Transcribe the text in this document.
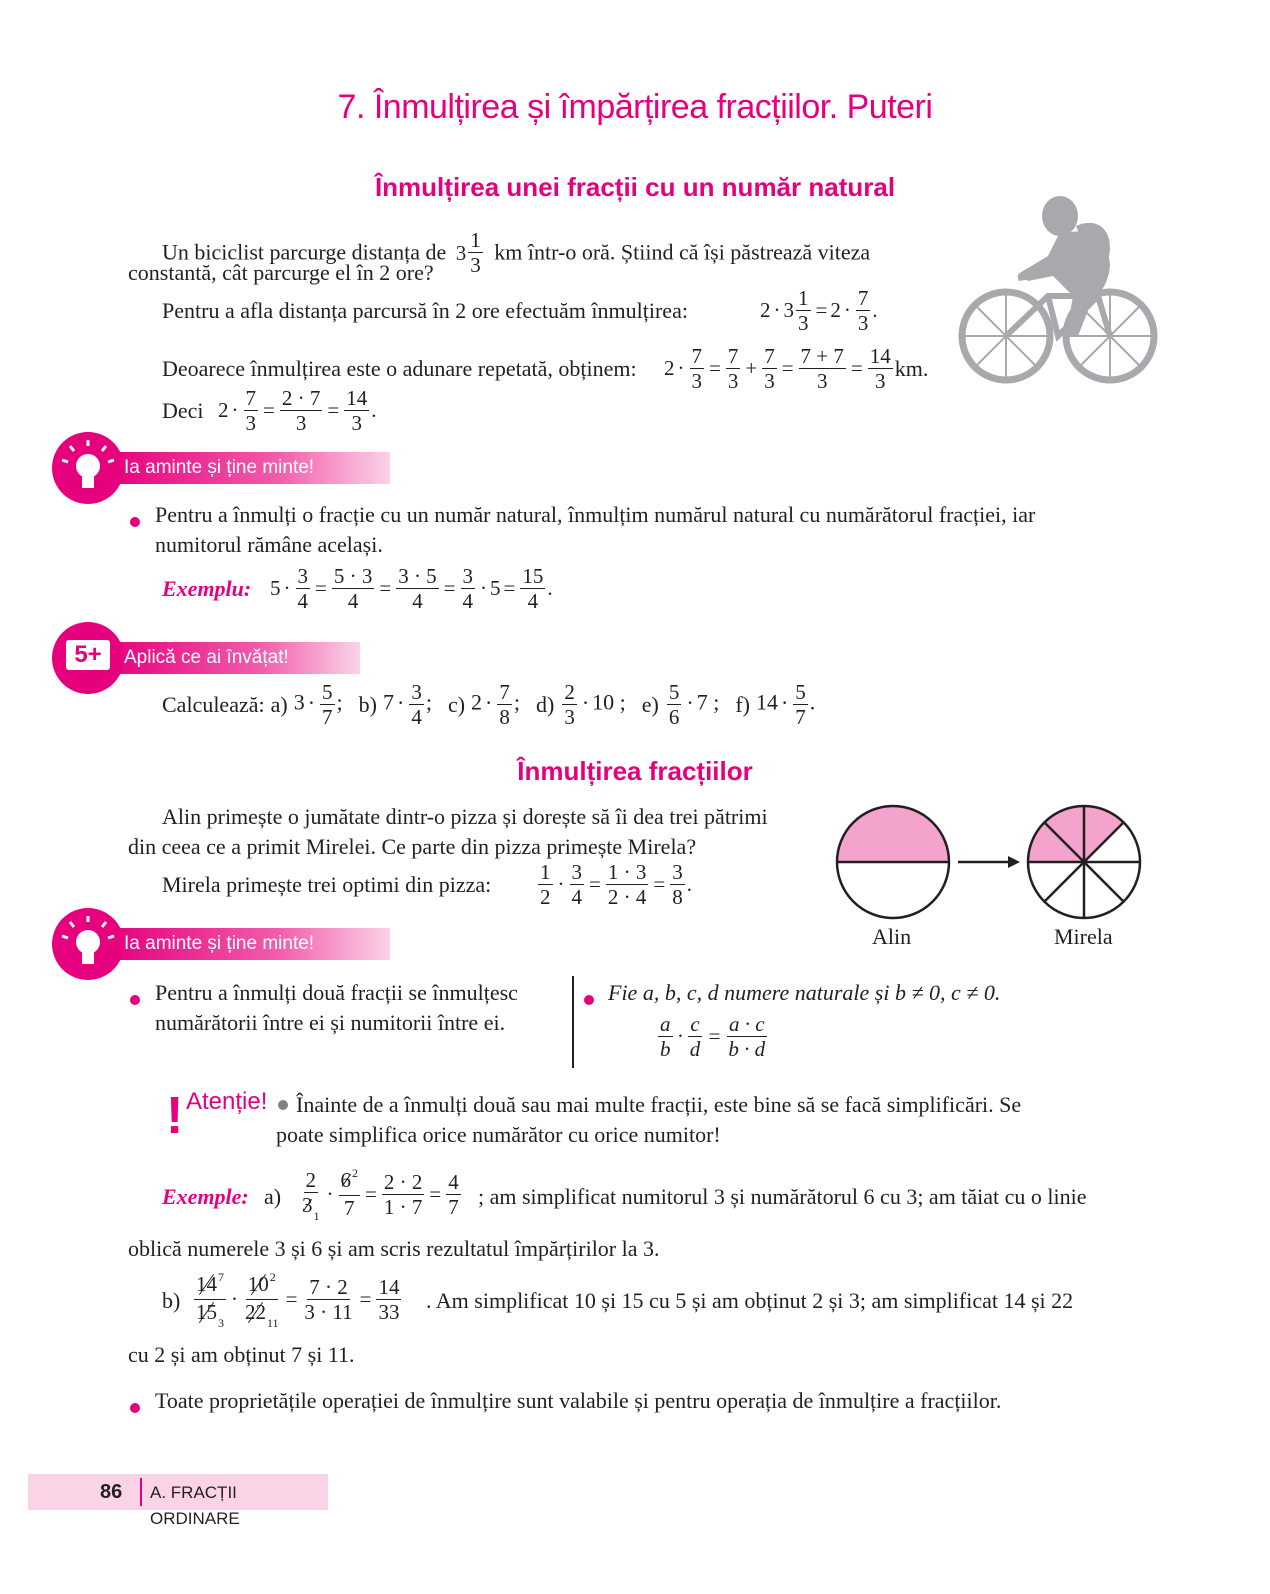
7. Înmulțirea și împărțirea fracțiilor. Puteri
Înmulțirea unei fracții cu un număr natural
Un biciclist parcurge distanța de $3 \frac{1}{3}$ km într-o oră. Știind că își păstrează viteza
constantă, cât parcurge el în 2 ore?
Pentru a afla distanța parcursă în 2 ore efectuăm înmulțirea:	$2 \cdot 3 \frac{1}{3} = 2 \cdot \frac{7}{3}$ .
Deoarece înmulțirea este o adunare repetată, obținem: $2 \cdot \frac{7}{3} = \frac{7}{3} + \frac{7}{3} = \frac{7 + 7}{3} = \frac{14}{3}$ km.
Deci $2 \cdot \frac{7}{3} = \frac{2 \cdot 7}{3} = \frac{14}{3}$ .
Ia aminte și ține minte!
Pentru a înmulți o fracție cu un număr natural, înmulțim numărul natural cu numărătorul fracției, iar
numitorul rămâne același.
Exemplu: $5 \cdot \frac{3}{4} = \frac{5 \cdot 3}{4} = \frac{3 \cdot 5}{4} = \frac{3}{4} \cdot 5 = \frac{15}{4}$ .
Aplică ce ai învățat!
5+
Calculează: a) $3 \cdot \frac{5}{7}$ ; b) $7 \cdot \frac{3}{4}$ ; c) $2 \cdot \frac{7}{8}$ ; $d) \frac{2}{3} \cdot 10$ ; $e) \frac{5}{6} \cdot 7$ ; f) $14 \cdot \frac{5}{7}$ .
Înmulțirea fracțiilor
Alin primește o jumătate dintr-o pizza și dorește să îi dea trei pătrimi
din ceea ce a primit Mirelei. Ce parte din pizza primește Mirela?
Mirela primește trei optimi din pizza: $\frac{1}{2} \cdot \frac{3}{4} = \frac{1 \cdot 3}{2 \cdot 4} = \frac{3}{8}$ .
Alin	Mirela
Ia aminte și ține minte!
Pentru a înmulți două fracții se înmulțesc
numărătorii între ei și numitorii între ei.
Fie a, b, c, d numere naturale și b ≠ 0, c ≠ 0.
$\frac{a}{b} \cdot \frac{c}{d} = \frac{a \cdot c}{b \cdot d}$
! Atenție! Înainte de a înmulți două sau mai multe fracții, este bine să se facă simplificări. Se
poate simplifica orice numărător cu orice numitor!
Exemple: $a) \frac{2}{3_1} \cdot \frac{6^2}{7} = \frac{2 \cdot 2}{1 \cdot 7} = \frac{4}{7}$ ; am simplificat numitorul 3 și numărătorul 6 cu 3; am tăiat cu o linie
oblică numerele 3 și 6 și am scris rezultatul împărțirilor la 3.
$b) \frac{14^7}{15_3} \cdot \frac{10^2}{22_{11}} = \frac{7 \cdot 2}{3 \cdot 11} = \frac{14}{33}$ . Am simplificat 10 și 15 cu 5 și am obținut 2 și 3; am simplificat 14 și 22
cu 2 și am obținut 7 și 11.
Toate proprietățile operației de înmulțire sunt valabile și pentru operația de înmulțire a fracțiilor.
86 A. FRACȚII ORDINARE
